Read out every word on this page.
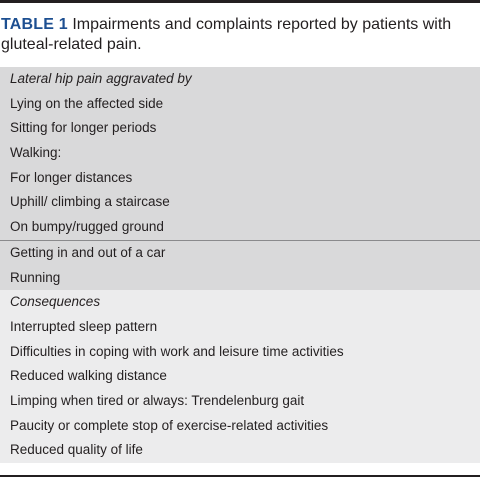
TABLE 1 Impairments and complaints reported by patients with gluteal-related pain.
Lateral hip pain aggravated by
Lying on the affected side
Sitting for longer periods
Walking:
For longer distances
Uphill/ climbing a staircase
On bumpy/rugged ground
Getting in and out of a car
Running
Consequences
Interrupted sleep pattern
Difficulties in coping with work and leisure time activities
Reduced walking distance
Limping when tired or always: Trendelenburg gait
Paucity or complete stop of exercise-related activities
Reduced quality of life
